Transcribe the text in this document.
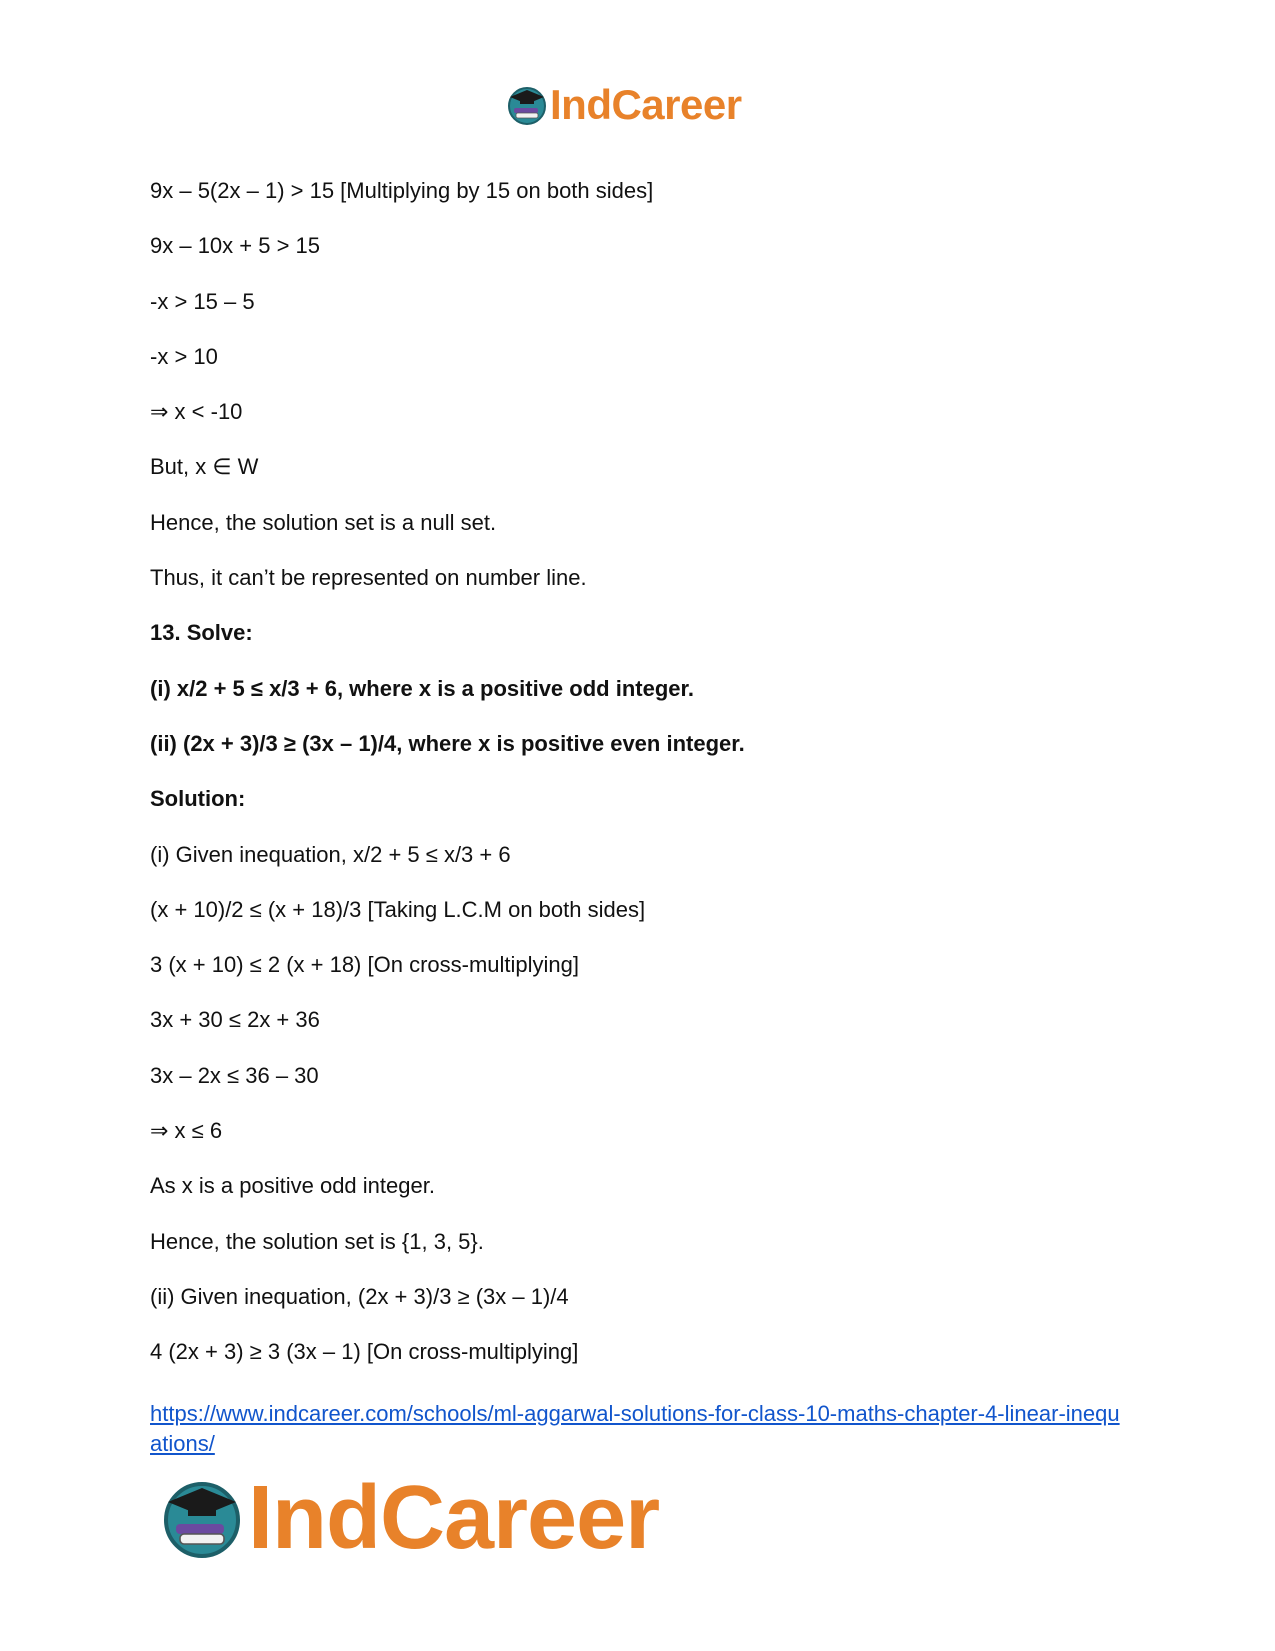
IndCareer

9x – 5(2x – 1) > 15 [Multiplying by 15 on both sides]

9x – 10x + 5 > 15

-x > 15 – 5

-x > 10

⇒ x < -10

But, x ∈ W

Hence, the solution set is a null set.

Thus, it can’t be represented on number line.

13. Solve:

(i) x/2 + 5 ≤ x/3 + 6, where x is a positive odd integer.

(ii) (2x + 3)/3 ≥ (3x – 1)/4, where x is positive even integer.

Solution:

(i) Given inequation, x/2 + 5 ≤ x/3 + 6

(x + 10)/2 ≤ (x + 18)/3 [Taking L.C.M on both sides]

3 (x + 10) ≤ 2 (x + 18) [On cross-multiplying]

3x + 30 ≤ 2x + 36

3x – 2x ≤ 36 – 30

⇒ x ≤ 6

As x is a positive odd integer.

Hence, the solution set is {1, 3, 5}.

(ii) Given inequation, (2x + 3)/3 ≥ (3x – 1)/4

4 (2x + 3) ≥ 3 (3x – 1) [On cross-multiplying]

https://www.indcareer.com/schools/ml-aggarwal-solutions-for-class-10-maths-chapter-4-linear-inequations/
IndCareer
